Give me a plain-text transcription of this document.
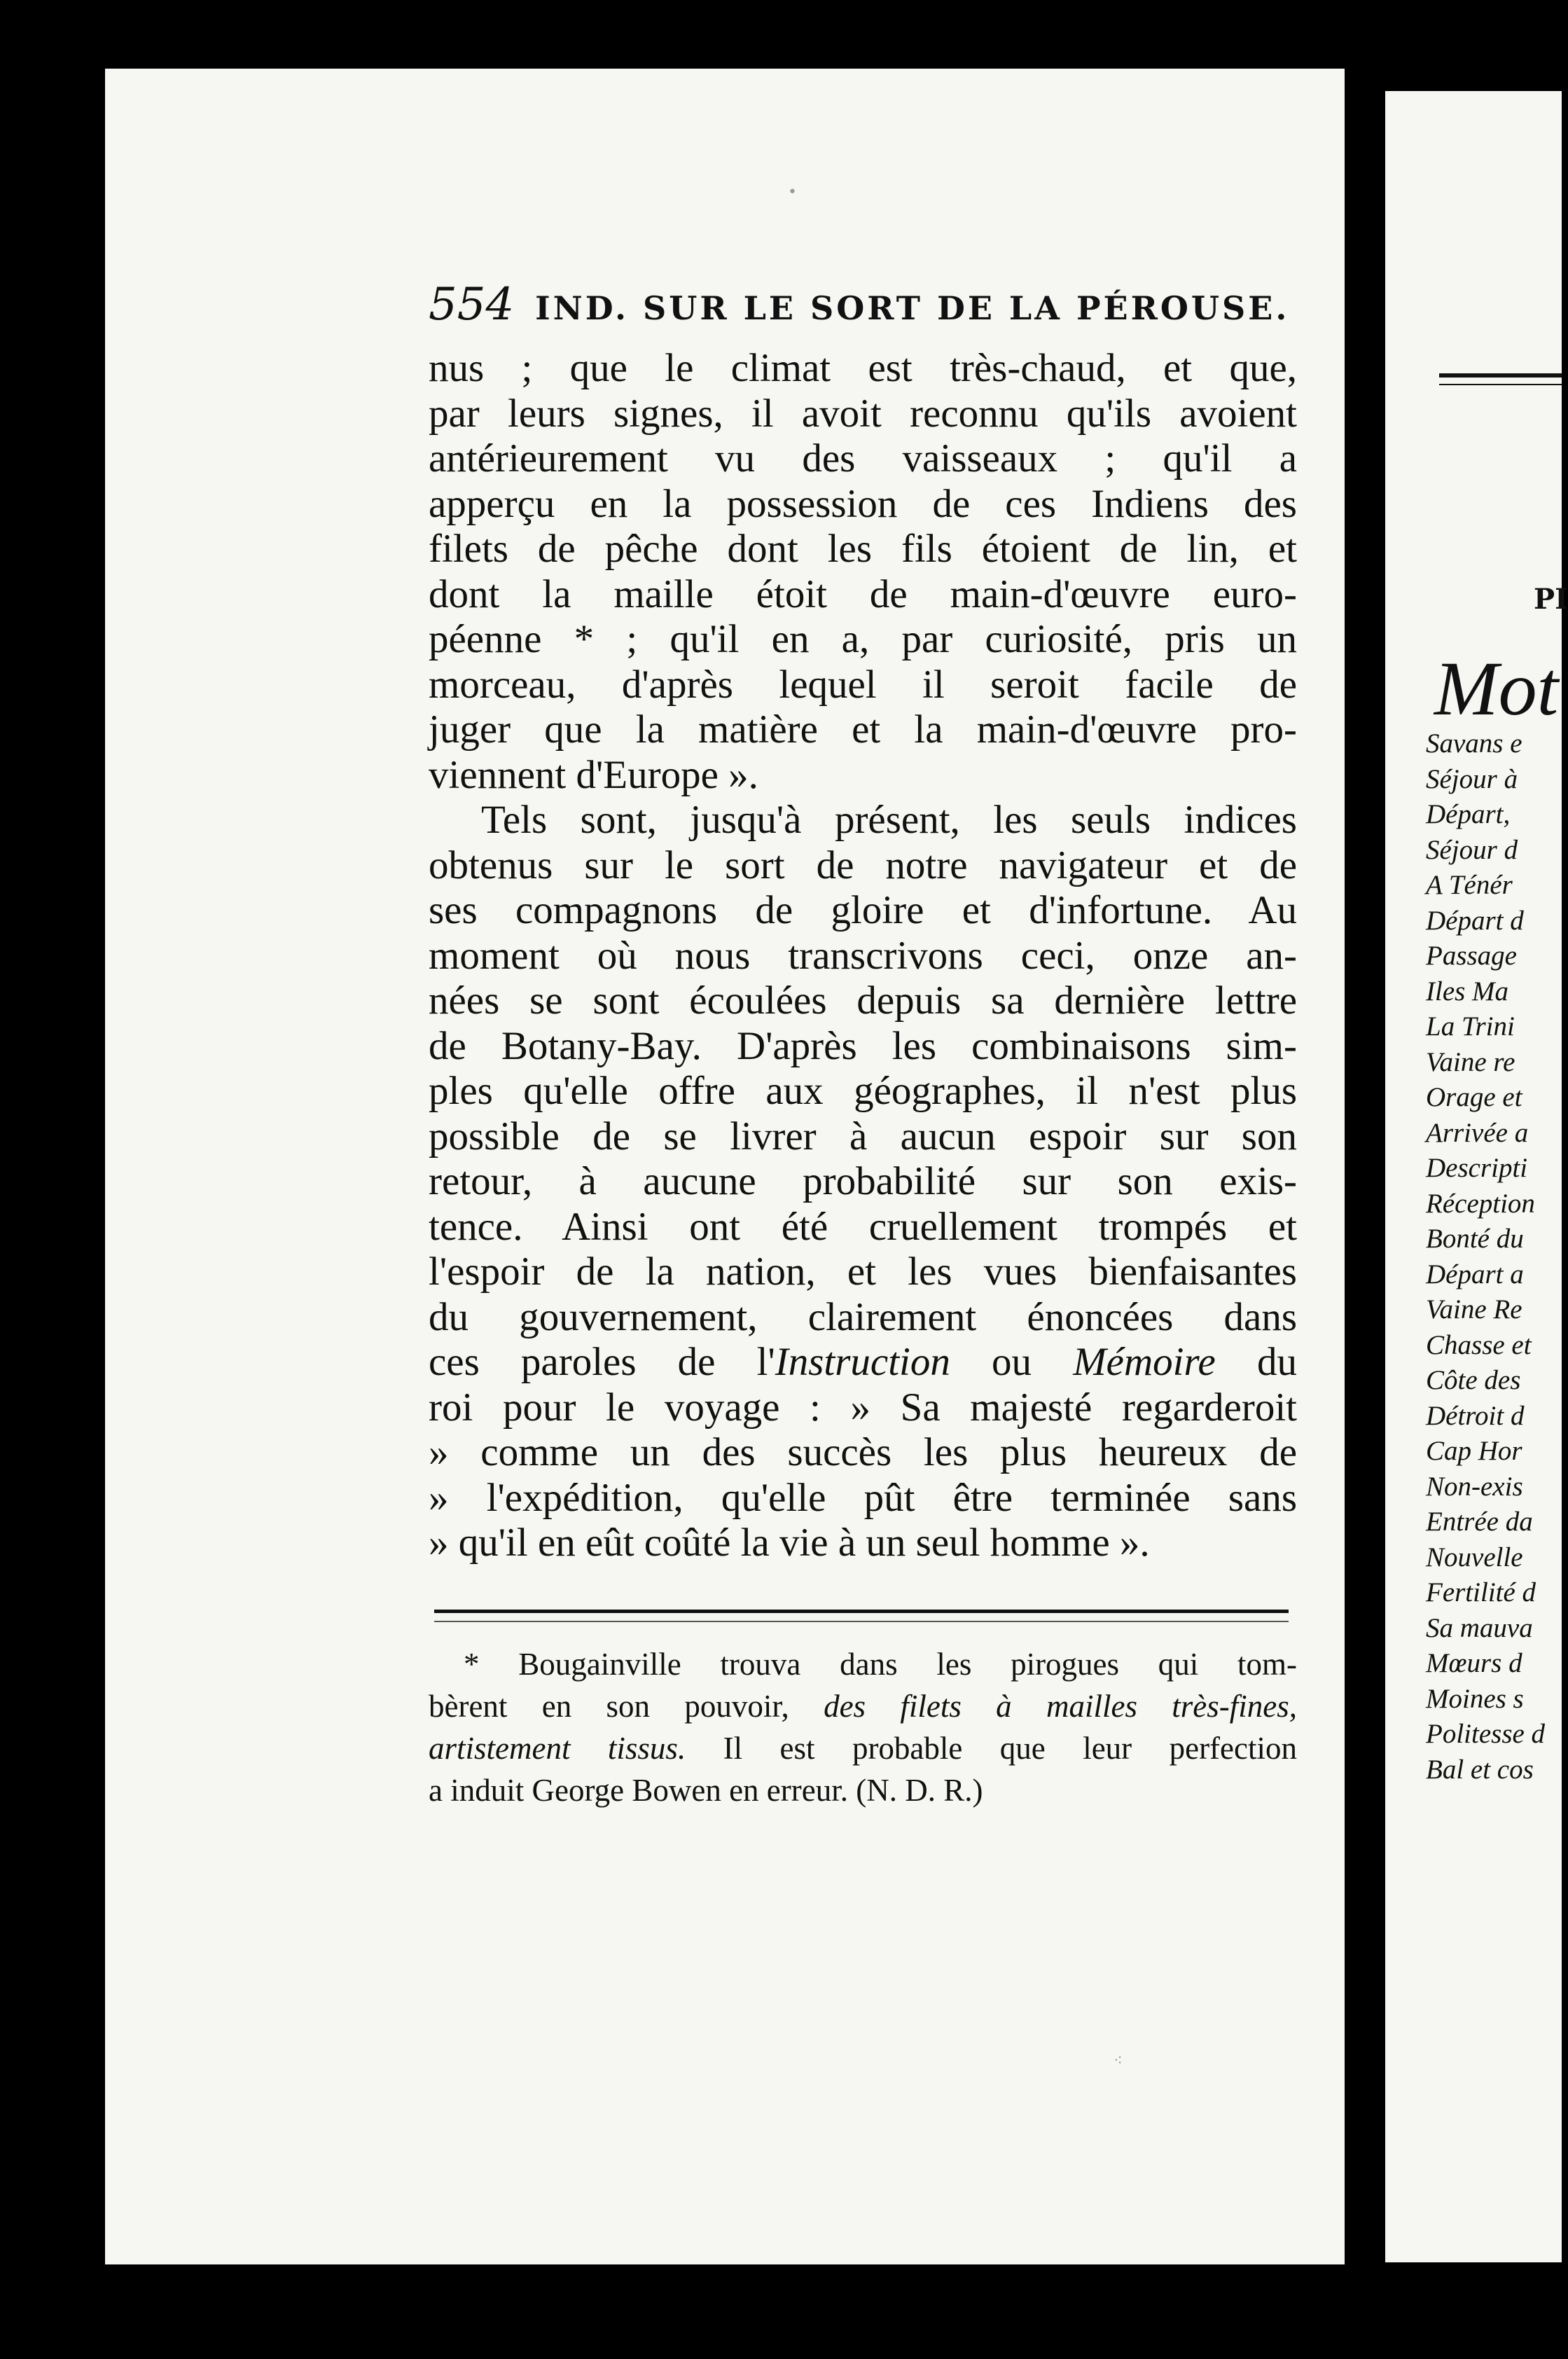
•
⁖
554 IND. SUR LE SORT DE LA PÉROUSE.

nus ; que le climat est très-chaud, et que,

par leurs signes, il avoit reconnu qu'ils avoient

antérieurement vu des vaisseaux ; qu'il a

apperçu en la possession de ces Indiens des

filets de pêche dont les fils étoient de lin, et

dont la maille étoit de main-d'œuvre euro-

péenne * ; qu'il en a, par curiosité, pris un

morceau, d'après lequel il seroit facile de

juger que la matière et la main-d'œuvre pro-

viennent d'Europe ».

Tels sont, jusqu'à présent, les seuls indices

obtenus sur le sort de notre navigateur et de

ses compagnons de gloire et d'infortune. Au

moment où nous transcrivons ceci, onze an-

nées se sont écoulées depuis sa dernière lettre

de Botany-Bay. D'après les combinaisons sim-

ples qu'elle offre aux géographes, il n'est plus

possible de se livrer à aucun espoir sur son

retour, à aucune probabilité sur son exis-

tence. Ainsi ont été cruellement trompés et

l'espoir de la nation, et les vues bienfaisantes

du gouvernement, clairement énoncées dans

ces paroles de l'Instruction ou Mémoire du

roi pour le voyage : » Sa majesté regarderoit

» comme un des succès les plus heureux de

» l'expédition, qu'elle pût être terminée sans

» qu'il en eût coûté la vie à un seul homme ».

* Bougainville trouva dans les pirogues qui tom-

bèrent en son pouvoir, des filets à mailles très-fines,

artistement tissus. Il est probable que leur perfection

a induit George Bowen en erreur. (N. D. R.)

PI
Mot
Savans e
Séjour à
Départ,
Séjour d
A Ténér
Départ d
Passage
Iles Ma
La Trini
Vaine re
Orage et
Arrivée a
Descripti
Réception
Bonté du
Départ a
Vaine Re
Chasse et
Côte des
Détroit d
Cap Hor
Non-exis
Entrée da
Nouvelle
Fertilité d
Sa mauva
Mœurs d
Moines s
Politesse d
Bal et cos
